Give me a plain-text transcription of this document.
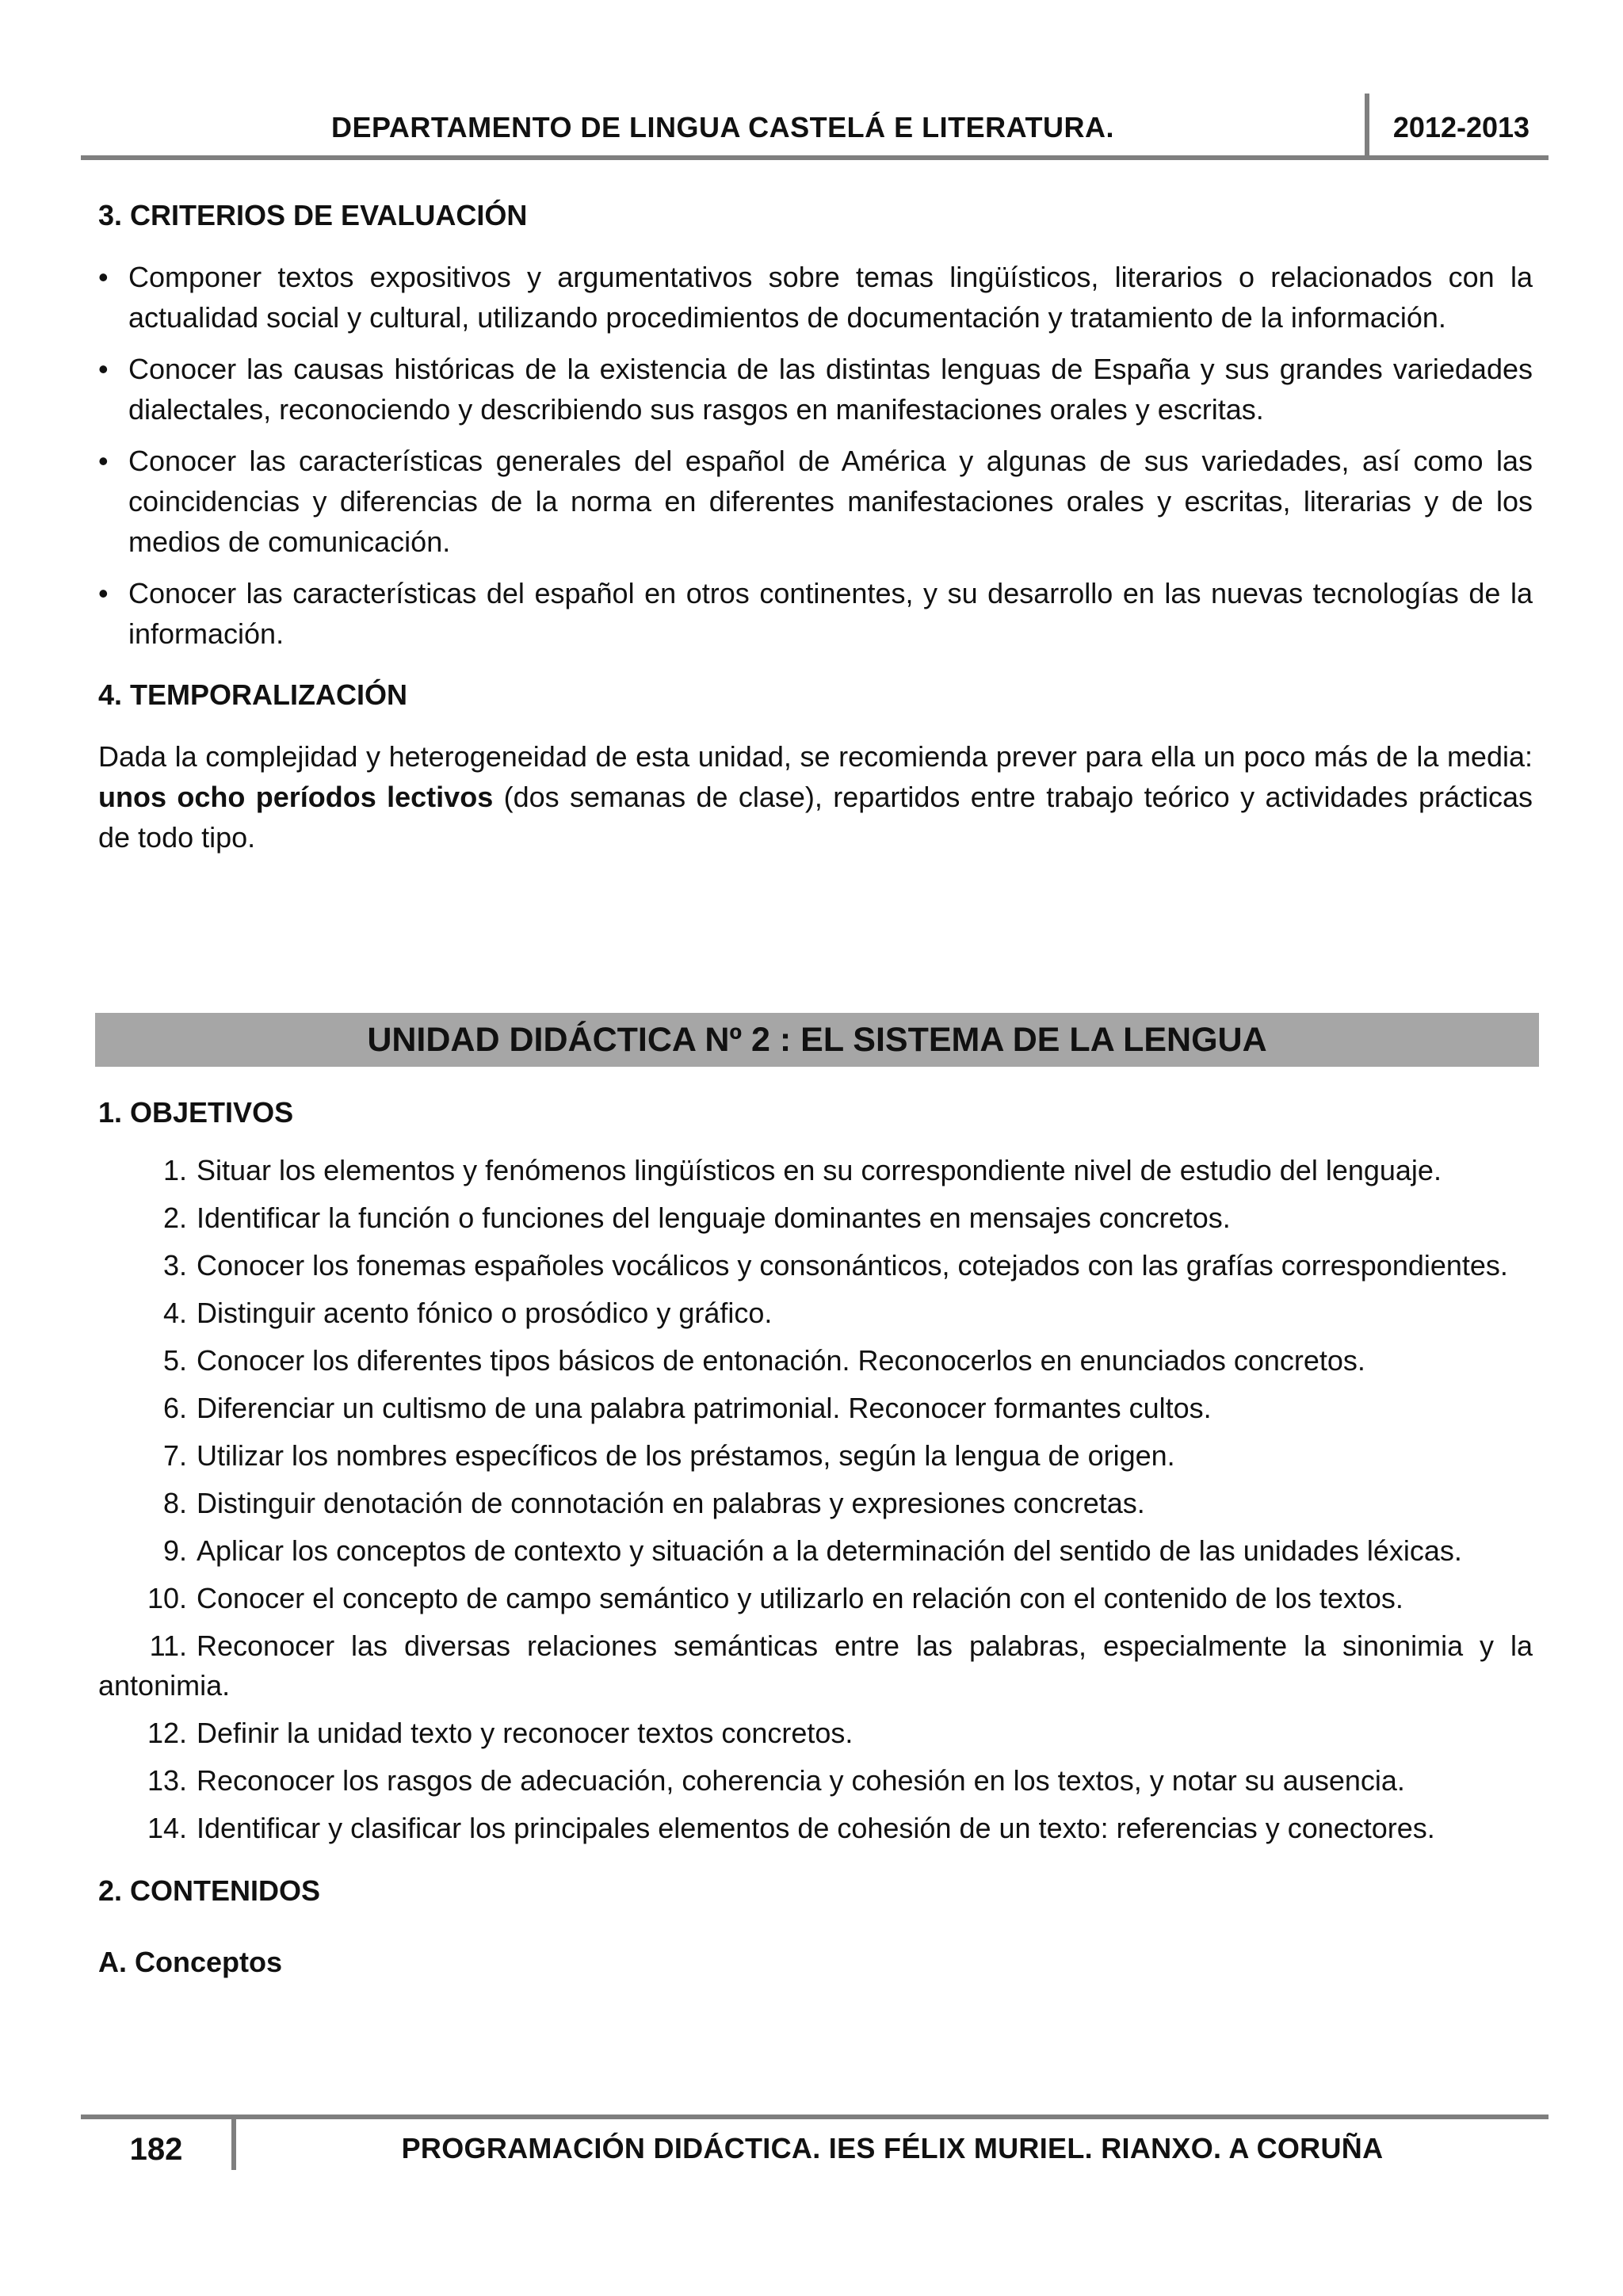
DEPARTAMENTO DE LINGUA CASTELÁ E LITERATURA.	2012-2013
3. CRITERIOS DE EVALUACIÓN
• Componer textos expositivos y argumentativos sobre temas lingüísticos, literarios o relacionados con la actualidad social y cultural, utilizando procedimientos de documentación y tratamiento de la información.
• Conocer las causas históricas de la existencia de las distintas lenguas de España y sus grandes variedades dialectales, reconociendo y describiendo sus rasgos en manifestaciones orales y escritas.
• Conocer las características generales del español de América y algunas de sus variedades, así como las coincidencias y diferencias de la norma en diferentes manifestaciones orales y escritas, literarias y de los medios de comunicación.
• Conocer las características del español en otros continentes, y su desarrollo en las nuevas tecnologías de la información.
4. TEMPORALIZACIÓN

Dada la complejidad y heterogeneidad de esta unidad, se recomienda prever para ella un poco más de la media: unos ocho períodos lectivos (dos semanas de clase), repartidos entre trabajo teórico y actividades prácticas de todo tipo.

UNIDAD DIDÁCTICA Nº 2 : EL SISTEMA DE LA LENGUA
1. OBJETIVOS
1. Situar los elementos y fenómenos lingüísticos en su correspondiente nivel de estudio del lenguaje.
2. Identificar la función o funciones del lenguaje dominantes en mensajes concretos.
3. Conocer los fonemas españoles vocálicos y consonánticos, cotejados con las grafías correspondientes.
4. Distinguir acento fónico o prosódico y gráfico.
5. Conocer los diferentes tipos básicos de entonación. Reconocerlos en enunciados concretos.
6. Diferenciar un cultismo de una palabra patrimonial. Reconocer formantes cultos.
7. Utilizar los nombres específicos de los préstamos, según la lengua de origen.
8. Distinguir denotación de connotación en palabras y expresiones concretas.
9. Aplicar los conceptos de contexto y situación a la determinación del sentido de las unidades léxicas.
10. Conocer el concepto de campo semántico y utilizarlo en relación con el contenido de los textos.
11. Reconocer las diversas relaciones semánticas entre las palabras, especialmente la sinonimia y la antonimia.
12. Definir la unidad texto y reconocer textos concretos.
13. Reconocer los rasgos de adecuación, coherencia y cohesión en los textos, y notar su ausencia.
14. Identificar y clasificar los principales elementos de cohesión de un texto: referencias y conectores.
2. CONTENIDOS
A. Conceptos
182	PROGRAMACIÓN DIDÁCTICA. IES FÉLIX MURIEL. RIANXO. A CORUÑA
